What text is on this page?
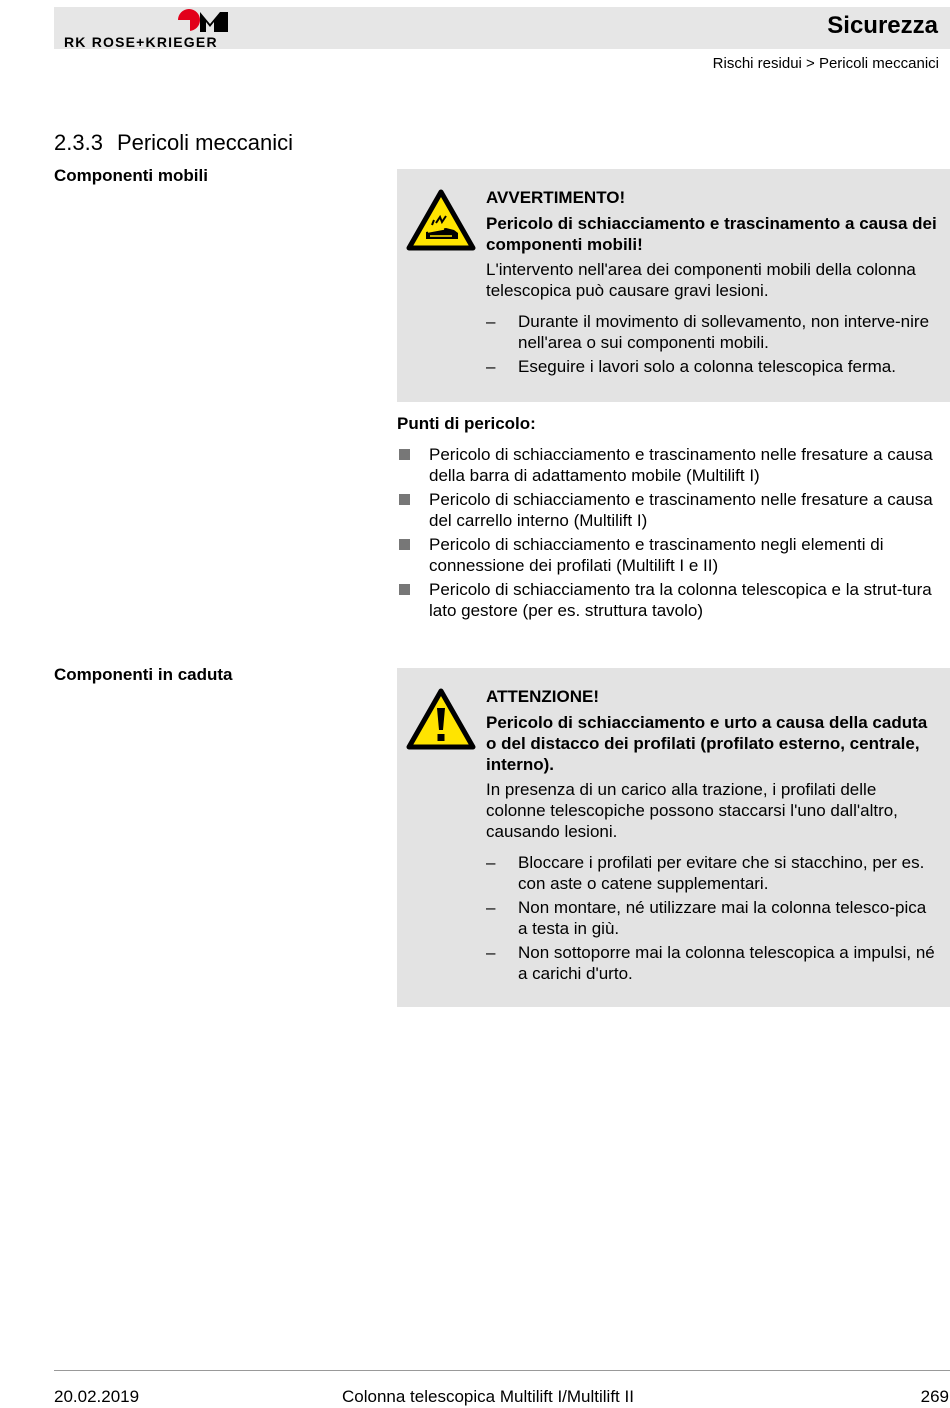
RK ROSE+KRIEGER
Sicurezza
Rischi residui > Pericoli meccanici
2.3.3 Pericoli meccanici
Componenti mobili
AVVERTIMENTO!
Pericolo di schiacciamento e trascinamento a causa dei componenti mobili!
L'intervento nell'area dei componenti mobili della colonna telescopica può causare gravi lesioni.
– Durante il movimento di sollevamento, non interve-nire nell'area o sui componenti mobili.
– Eseguire i lavori solo a colonna telescopica ferma.
Punti di pericolo:
Pericolo di schiacciamento e trascinamento nelle fresature a causa della barra di adattamento mobile (Multilift I)
Pericolo di schiacciamento e trascinamento nelle fresature a causa del carrello interno (Multilift I)
Pericolo di schiacciamento e trascinamento negli elementi di connessione dei profilati (Multilift I e II)
Pericolo di schiacciamento tra la colonna telescopica e la strut-tura lato gestore (per es. struttura tavolo)
Componenti in caduta
ATTENZIONE!
Pericolo di schiacciamento e urto a causa della caduta o del distacco dei profilati (profilato esterno, centrale, interno).
In presenza di un carico alla trazione, i profilati delle colonne telescopiche possono staccarsi l'uno dall'altro, causando lesioni.
– Bloccare i profilati per evitare che si stacchino, per es. con aste o catene supplementari.
– Non montare, né utilizzare mai la colonna telesco-pica a testa in giù.
– Non sottoporre mai la colonna telescopica a impulsi, né a carichi d'urto.
20.02.2019	Colonna telescopica Multilift I/Multilift II	269
